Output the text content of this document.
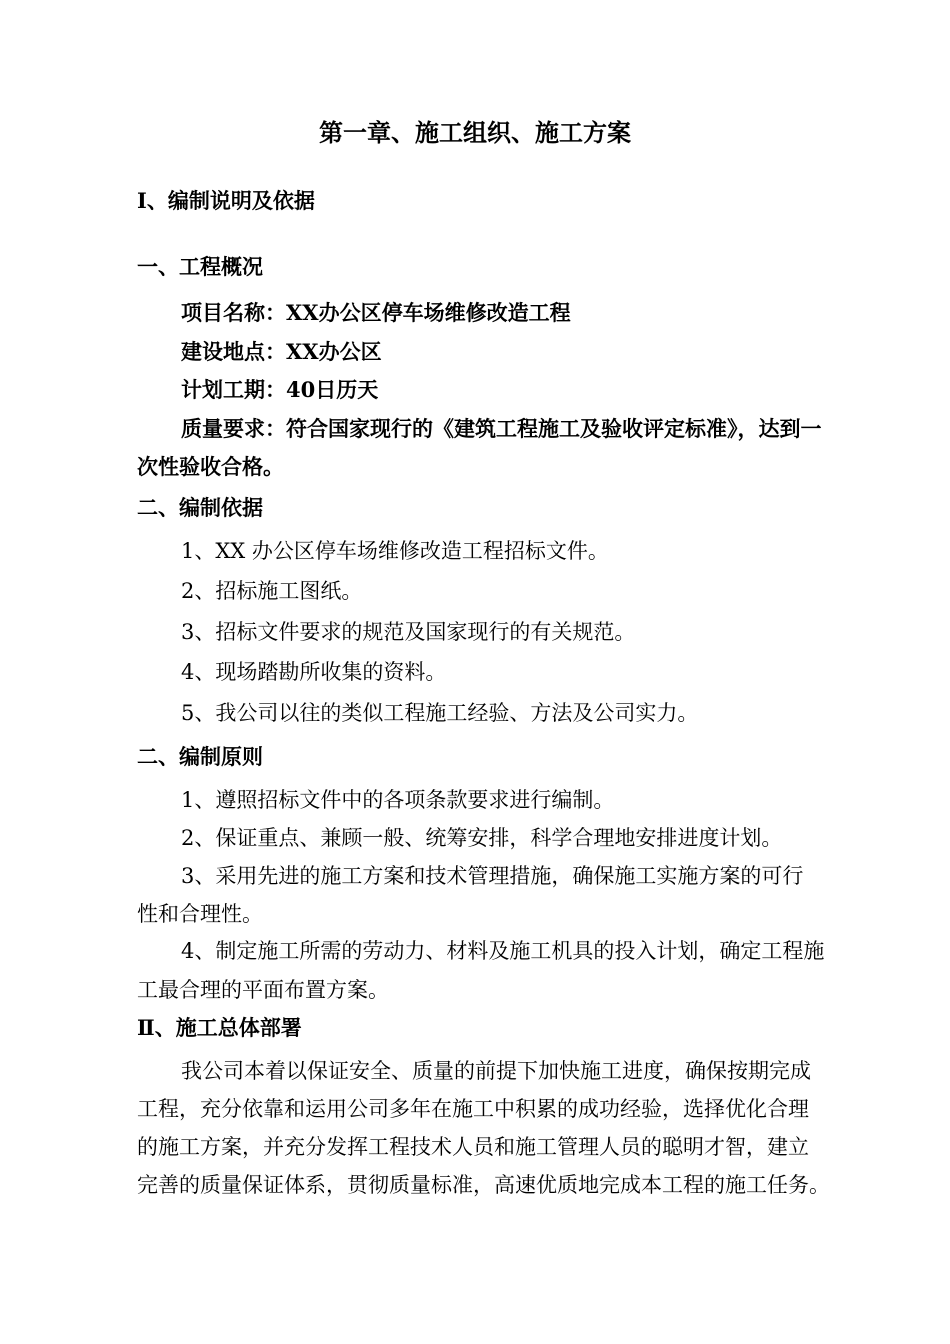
第一章、施工组织、施工方案
Ⅰ、编制说明及依据
一、工程概况
项目名称：XX办公区停车场维修改造工程
建设地点：XX办公区
计划工期：40日历天
质量要求：符合国家现行的《建筑工程施工及验收评定标准》，达到一
次性验收合格。
二、编制依据
1、XX 办公区停车场维修改造工程招标文件。
2、招标施工图纸。
3、招标文件要求的规范及国家现行的有关规范。
4、现场踏勘所收集的资料。
5、我公司以往的类似工程施工经验、方法及公司实力。
二、编制原则
1、遵照招标文件中的各项条款要求进行编制。
2、保证重点、兼顾一般、统筹安排，科学合理地安排进度计划。
3、采用先进的施工方案和技术管理措施，确保施工实施方案的可行
性和合理性。
4、制定施工所需的劳动力、材料及施工机具的投入计划，确定工程施
工最合理的平面布置方案。
Ⅱ、施工总体部署
我公司本着以保证安全、质量的前提下加快施工进度，确保按期完成
工程，充分依靠和运用公司多年在施工中积累的成功经验，选择优化合理
的施工方案，并充分发挥工程技术人员和施工管理人员的聪明才智，建立
完善的质量保证体系，贯彻质量标准，高速优质地完成本工程的施工任务。
